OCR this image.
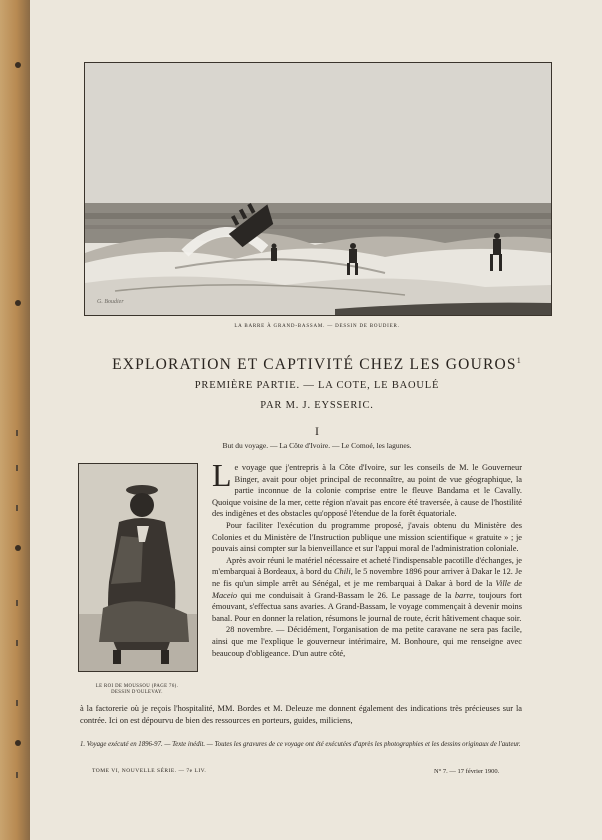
G. Boudier
LA BARRE À GRAND-BASSAM. — DESSIN DE BOUDIER.
EXPLORATION ET CAPTIVITÉ CHEZ LES GOUROS$^1$
PREMIÈRE PARTIE. — LA COTE, LE BAOULÉ
PAR M. J. EYSSERIC.
I
But du voyage. — La Côte d'Ivoire. — Le Comoé, les lagunes.
LE ROI DE MOUSSOU (PAGE 76).
DESSIN D'OULEVAY.

Le voyage que j'entrepris à la Côte d'Ivoire, sur les conseils de M. le Gouverneur Binger, avait pour objet principal de reconnaître, au point de vue géographique, la partie inconnue de la colonie comprise entre le fleuve Bandama et le Cavally. Quoique voisine de la mer, cette région n'avait pas encore été traversée, à cause de l'hostilité des indigènes et des obstacles qu'opposé l'étendue de la forêt équatoriale.

Pour faciliter l'exécution du programme proposé, j'avais obtenu du Ministère des Colonies et du Ministère de l'Instruction publique une mission scientifique « gratuite » ; je pouvais ainsi compter sur la bienveillance et sur l'appui moral de l'administration coloniale.

Après avoir réuni le matériel nécessaire et acheté l'indispensable pacotille d'échanges, je m'embarquai à Bordeaux, à bord du Chili, le 5 novembre 1896 pour arriver à Dakar le 12. Je ne fis qu'un simple arrêt au Sénégal, et je me rembarquai à Dakar à bord de la Ville de Maceio qui me conduisait à Grand-Bassam le 26. Le passage de la barre, toujours fort émouvant, s'effectua sans avaries. A Grand-Bassam, le voyage commençait à devenir moins banal. Pour en donner la relation, résumons le journal de route, écrit hâtivement chaque soir.

28 novembre. — Décidément, l'organisation de ma petite caravane ne sera pas facile, ainsi que me l'explique le gouverneur intérimaire, M. Bonhoure, qui me renseigne avec beaucoup d'obligeance. D'un autre côté,

à la factorerie où je reçois l'hospitalité, MM. Bordes et M. Deleuze me donnent également des indications très précieuses sur la contrée. Ici on est dépourvu de bien des ressources en porteurs, guides, miliciens,

1. Voyage exécuté en 1896-97. — Texte inédit. — Toutes les gravures de ce voyage ont été exécutées d'après les photographies et les dessins originaux de l'auteur.
TOME VI, NOUVELLE SÉRIE. — 7e LIV.	N° 7. — 17 février 1900.
